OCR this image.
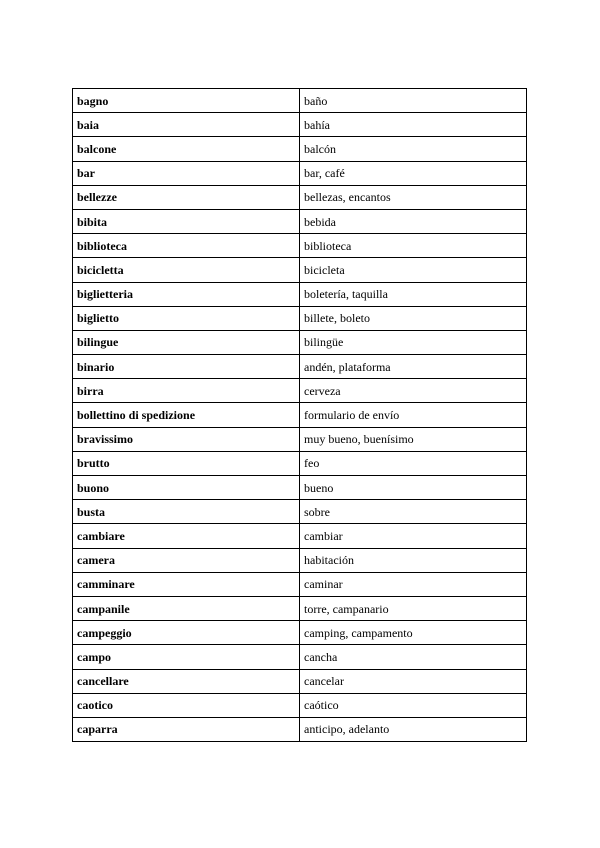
bagno	baño
baia	bahía
balcone	balcón
bar	bar, café
bellezze	bellezas, encantos
bibita	bebida
biblioteca	biblioteca
bicicletta	bicicleta
biglietteria	boletería, taquilla
biglietto	billete, boleto
bilingue	bilingüe
binario	andén, plataforma
birra	cerveza
bollettino di spedizione	formulario de envío
bravissimo	muy bueno, buenísimo
brutto	feo
buono	bueno
busta	sobre
cambiare	cambiar
camera	habitación
camminare	caminar
campanile	torre, campanario
campeggio	camping, campamento
campo	cancha
cancellare	cancelar
caotico	caótico
caparra	anticipo, adelanto
